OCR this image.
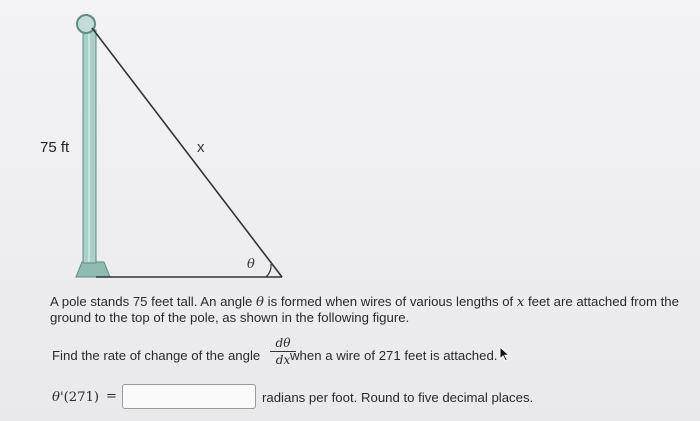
75 ft	x
θ
A pole stands 75 feet tall. An angle θ is formed when wires of various lengths of x feet are attached from the ground to the top of the pole, as shown in the following figure.
Find the rate of change of the angle
dθ
dx when a wire of 271 feet is attached.
θ'(271) =	radians per foot. Round to five decimal places.
